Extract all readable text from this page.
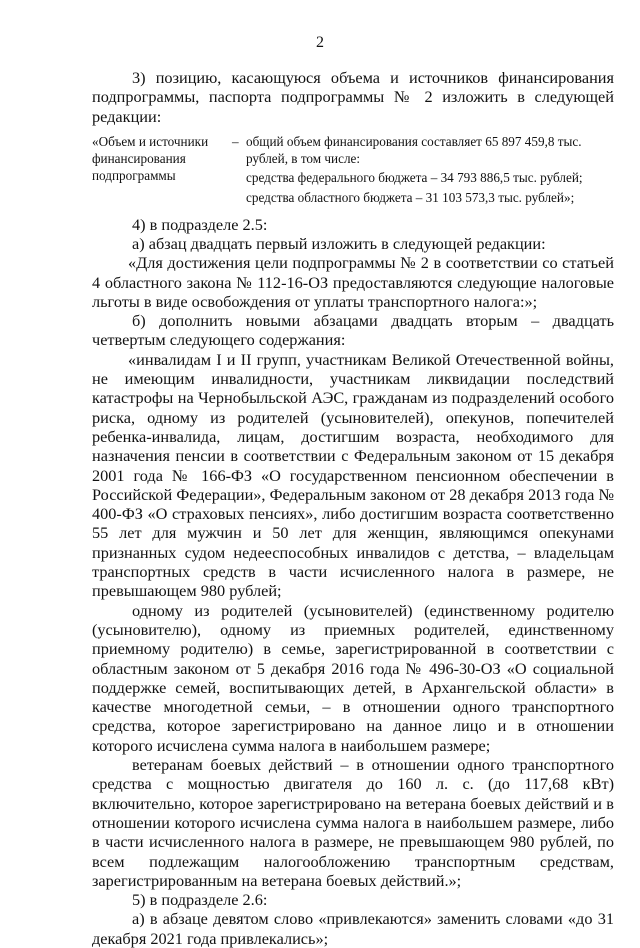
2

3) позицию, касающуюся объема и источников финансирования подпрограммы, паспорта подпрограммы № 2 изложить в следующей редакции:

«Объем и источники финансирования подпрограммы
– общий объем финансирования составляет 65 897 459,8 тыс. рублей, в том числе:
средства федерального бюджета – 34 793 886,5 тыс. рублей;
средства областного бюджета – 31 103 573,3 тыс. рублей»;

4) в подразделе 2.5:

а) абзац двадцать первый изложить в следующей редакции:

«Для достижения цели подпрограммы № 2 в соответствии со статьей 4 областного закона № 112-16-ОЗ предоставляются следующие налоговые льготы в виде освобождения от уплаты транспортного налога:»;

б) дополнить новыми абзацами двадцать вторым – двадцать четвертым следующего содержания:

«инвалидам I и II групп, участникам Великой Отечественной войны, не имеющим инвалидности, участникам ликвидации последствий катастрофы на Чернобыльской АЭС, гражданам из подразделений особого риска, одному из родителей (усыновителей), опекунов, попечителей ребенка-инвалида, лицам, достигшим возраста, необходимого для назначения пенсии в соответствии с Федеральным законом от 15 декабря 2001 года № 166-ФЗ «О государственном пенсионном обеспечении в Российской Федерации», Федеральным законом от 28 декабря 2013 года № 400-ФЗ «О страховых пенсиях», либо достигшим возраста соответственно 55 лет для мужчин и 50 лет для женщин, являющимся опекунами признанных судом недееспособных инвалидов с детства, – владельцам транспортных средств в части исчисленного налога в размере, не превышающем 980 рублей;

одному из родителей (усыновителей) (единственному родителю (усыновителю), одному из приемных родителей, единственному приемному родителю) в семье, зарегистрированной в соответствии с областным законом от 5 декабря 2016 года № 496-30-ОЗ «О социальной поддержке семей, воспитывающих детей, в Архангельской области» в качестве многодетной семьи, – в отношении одного транспортного средства, которое зарегистрировано на данное лицо и в отношении которого исчислена сумма налога в наибольшем размере;

ветеранам боевых действий – в отношении одного транспортного средства с мощностью двигателя до 160 л. с. (до 117,68 кВт) включительно, которое зарегистрировано на ветерана боевых действий и в отношении которого исчислена сумма налога в наибольшем размере, либо в части исчисленного налога в размере, не превышающем 980 рублей, по всем подлежащим налогообложению транспортным средствам, зарегистрированным на ветерана боевых действий.»;

5) в подразделе 2.6:

а) в абзаце девятом слово «привлекаются» заменить словами «до 31 декабря 2021 года привлекались»;
